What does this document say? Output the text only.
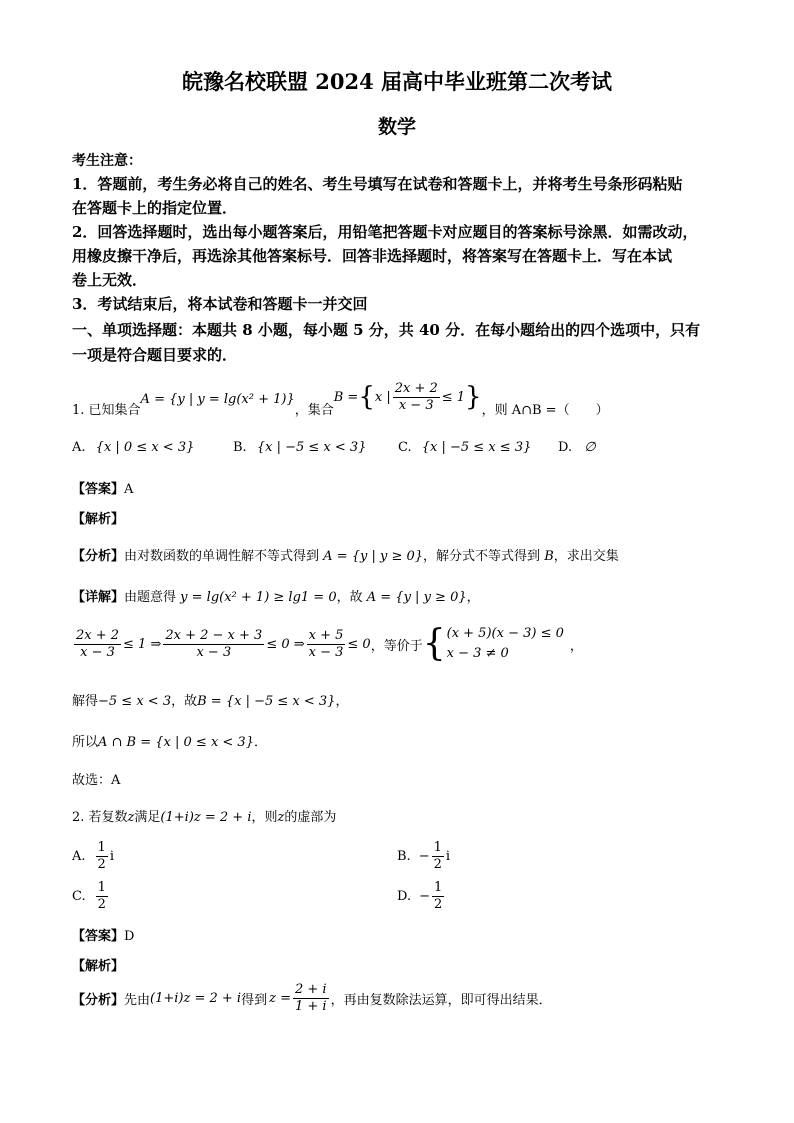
皖豫名校联盟 2024 届高中毕业班第二次考试
数学
考生注意：
1．答题前，考生务必将自己的姓名、考生号填写在试卷和答题卡上，并将考生号条形码粘贴
在答题卡上的指定位置．
2．回答选择题时，选出每小题答案后，用铅笔把答题卡对应题目的答案标号涂黑．如需改动，
用橡皮擦干净后，再选涂其他答案标号．回答非选择题时，将答案写在答题卡上．写在本试
卷上无效．
3．考试结束后，将本试卷和答题卡一并交回
一、单项选择题：本题共 8 小题，每小题 5 分，共 40 分．在每小题给出的四个选项中，只有
一项是符合题目要求的．
1. 已知集合
A = {y | y = lg(x² + 1)}
，集合
B = { x | $\frac{2x + 2}{x - 3} \le 1$ } ，则 A∩B =（　　）
A. {x | 0 ≤ x < 3}	B. {x | −5 ≤ x < 3} C. {x | −5 ≤ x ≤ 3} D. ∅
【答案】A
【解析】
【分析】由对数函数的单调性解不等式得到 A = {y | y ≥ 0}，解分式不等式得到 B，求出交集
【详解】由题意得 y = lg(x² + 1) ≥ lg1 = 0，故 A = {y | y ≥ 0}，
$\frac{2x + 2}{x - 3} \le 1$ ⇒ $\frac{2x + 2 - x + 3}{x - 3} \le 0$ ⇒ $\frac{x + 5}{x - 3} \le 0$ ，等价于 { (x + 5)(x − 3) ≤ 0
x − 3 ≠ 0	，
解得−5 ≤ x < 3，故B = {x | −5 ≤ x < 3}，
所以A ∩ B = {x | 0 ≤ x < 3}．
故选：A
2. 若复数z满足(1+i)z = 2 + i，则z的虚部为
A. $\frac{1}{2}$ i	B. − $\frac{1}{2}$ i
C. $\frac{1}{2}$	D. − $\frac{1}{2}$
【答案】D
【解析】
【分析】 先由 (1+i)z = 2 + i 得到 $z = \frac{2 + i}{1 + i}$ ，再由复数除法运算，即可得出结果．
